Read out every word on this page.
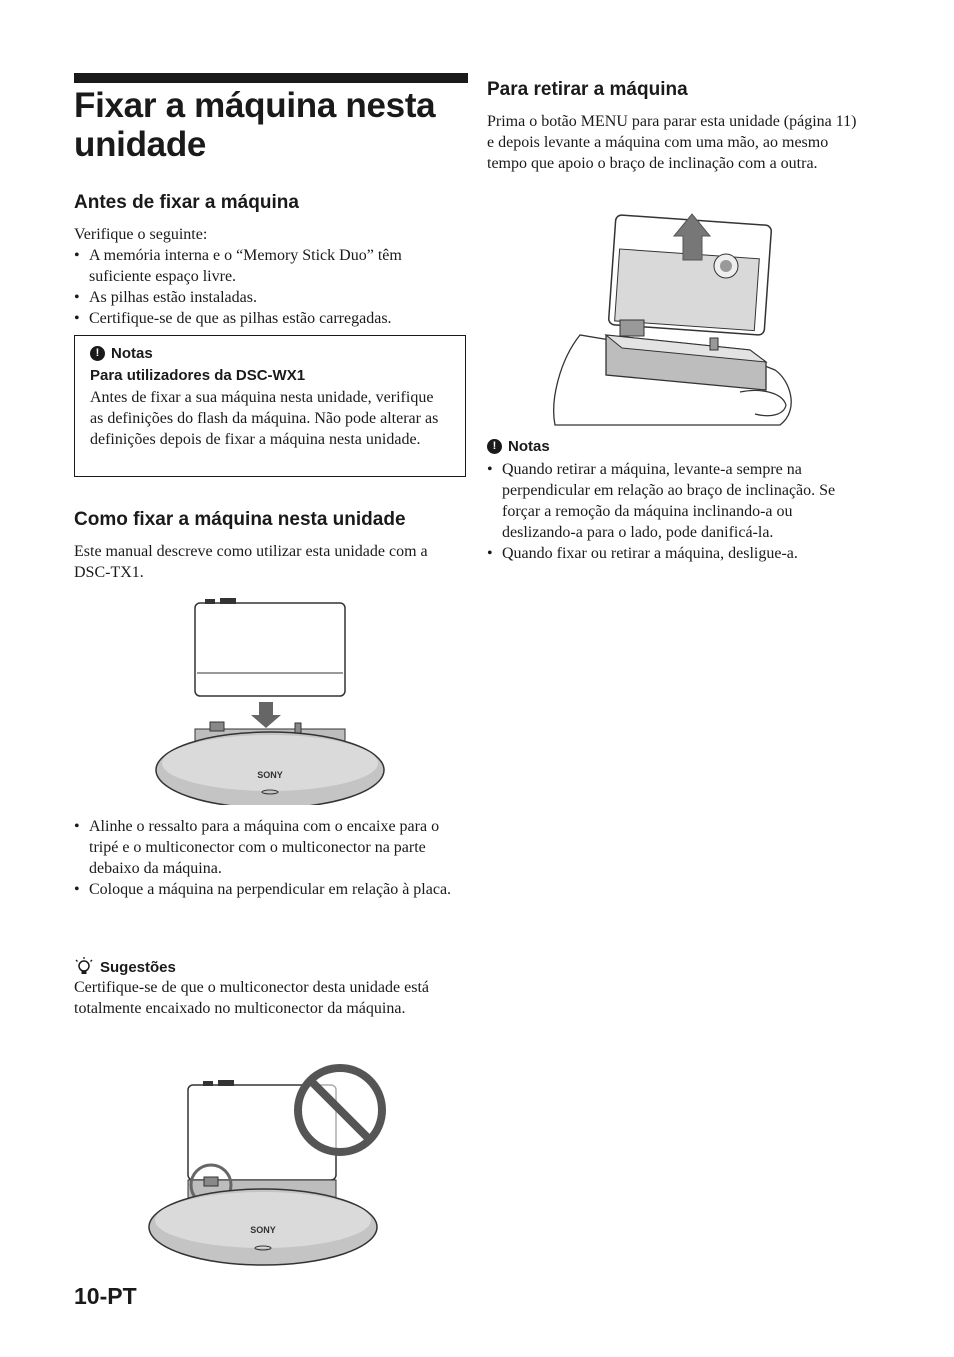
Fixar a máquina nesta unidade
Antes de fixar a máquina
Verifique o seguinte:
• A memória interna e o “Memory Stick Duo” têm suficiente espaço livre.
• As pilhas estão instaladas.
• Certifique-se de que as pilhas estão carregadas.
! Notas
Para utilizadores da DSC-WX1
Antes de fixar a sua máquina nesta unidade, verifique as definições do flash da máquina. Não pode alterar as definições depois de fixar a máquina nesta unidade.
Como fixar a máquina nesta unidade
Este manual descreve como utilizar esta unidade com a DSC-TX1.
SONY
• Alinhe o ressalto para a máquina com o encaixe para o tripé e o multiconector com o multiconector na parte debaixo da máquina.
• Coloque a máquina na perpendicular em relação à placa.
Sugestões
Certifique-se de que o multiconector desta unidade está totalmente encaixado no multiconector da máquina.
SONY
10-PT
Para retirar a máquina
Prima o botão MENU para parar esta unidade (página 11) e depois levante a máquina com uma mão, ao mesmo tempo que apoio o braço de inclinação com a outra.
! Notas
• Quando retirar a máquina, levante-a sempre na perpendicular em relação ao braço de inclinação. Se forçar a remoção da máquina inclinando-a ou deslizando-a para o lado, pode danificá-la.
• Quando fixar ou retirar a máquina, desligue-a.
